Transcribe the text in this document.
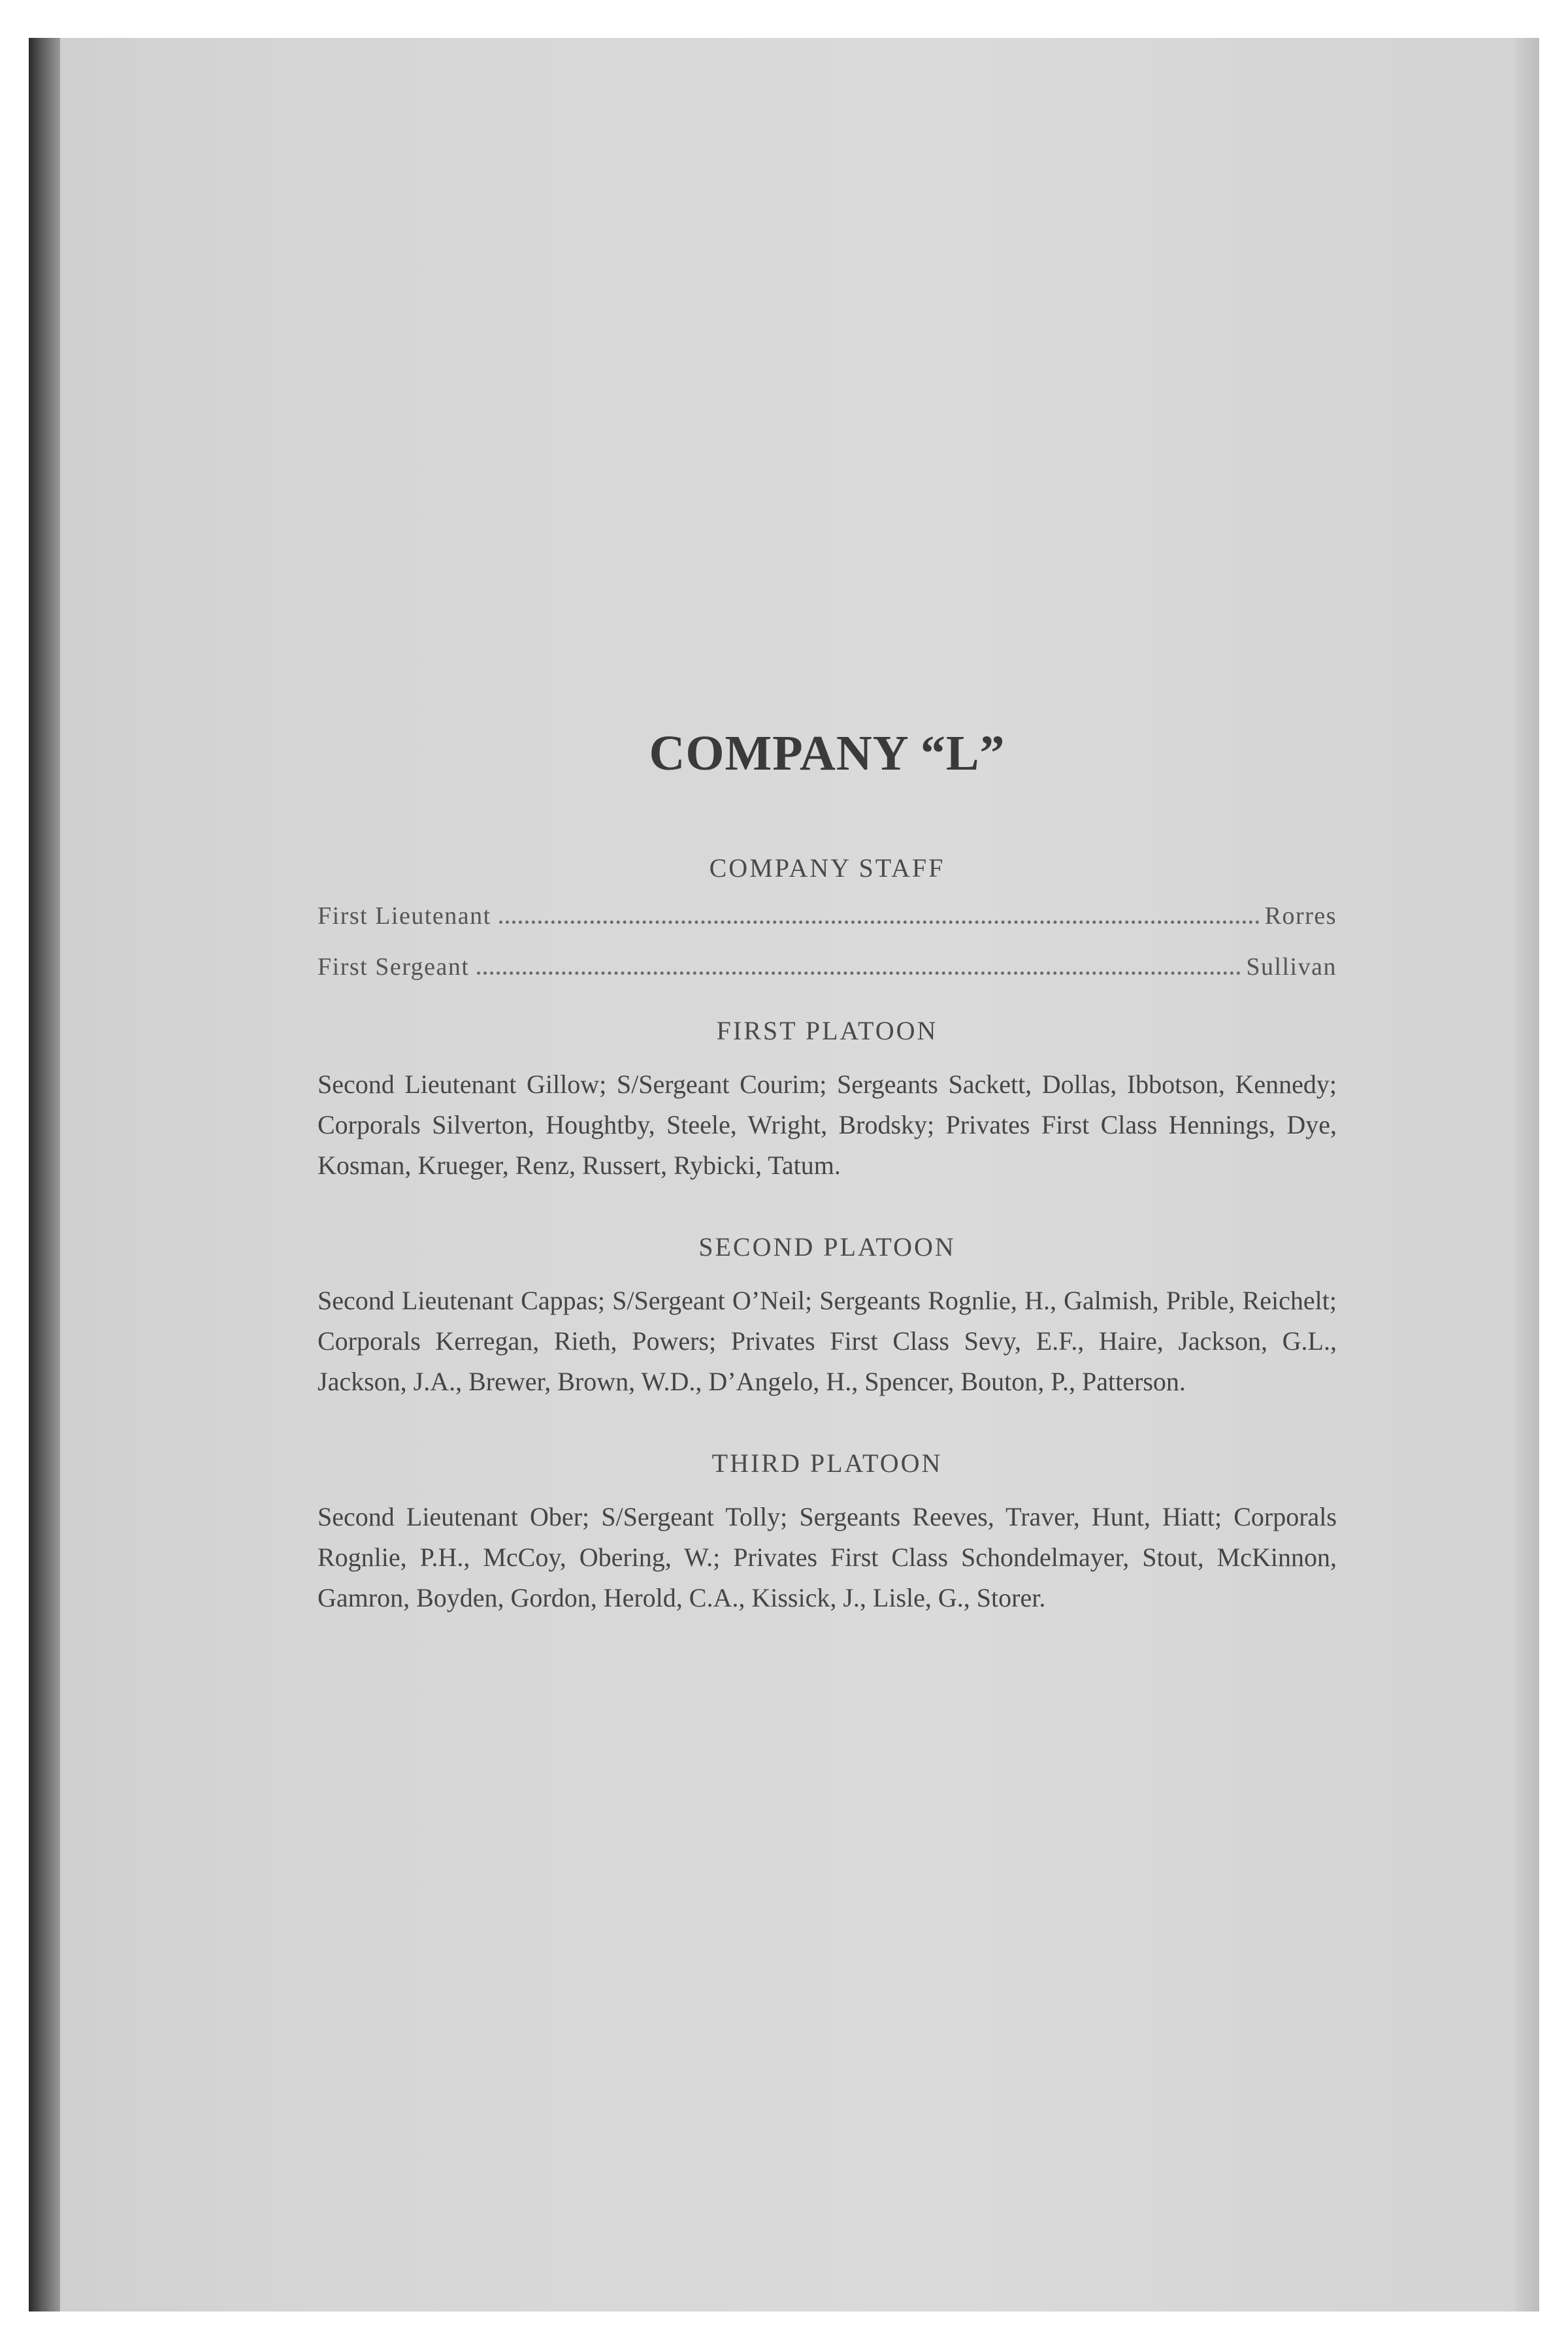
COMPANY “L”
COMPANY STAFF
First Lieutenant	Rorres
First Sergeant	Sullivan
FIRST PLATOON

Second Lieutenant Gillow; S/Sergeant Courim; Sergeants Sackett, Dollas, Ibbotson, Kennedy; Corporals Silverton, Houghtby, Steele, Wright, Brodsky; Privates First Class Hennings, Dye, Kosman, Krueger, Renz, Russert, Rybicki, Tatum.

SECOND PLATOON

Second Lieutenant Cappas; S/Sergeant O’Neil; Sergeants Rognlie, H., Galmish, Prible, Reichelt; Corporals Kerregan, Rieth, Powers; Privates First Class Sevy, E.F., Haire, Jackson, G.L., Jackson, J.A., Brewer, Brown, W.D., D’Angelo, H., Spencer, Bouton, P., Patterson.

THIRD PLATOON

Second Lieutenant Ober; S/Sergeant Tolly; Sergeants Reeves, Traver, Hunt, Hiatt; Corporals Rognlie, P.H., McCoy, Obering, W.; Privates First Class Schondelmayer, Stout, McKinnon, Gamron, Boyden, Gordon, Herold, C.A., Kissick, J., Lisle, G., Storer.
